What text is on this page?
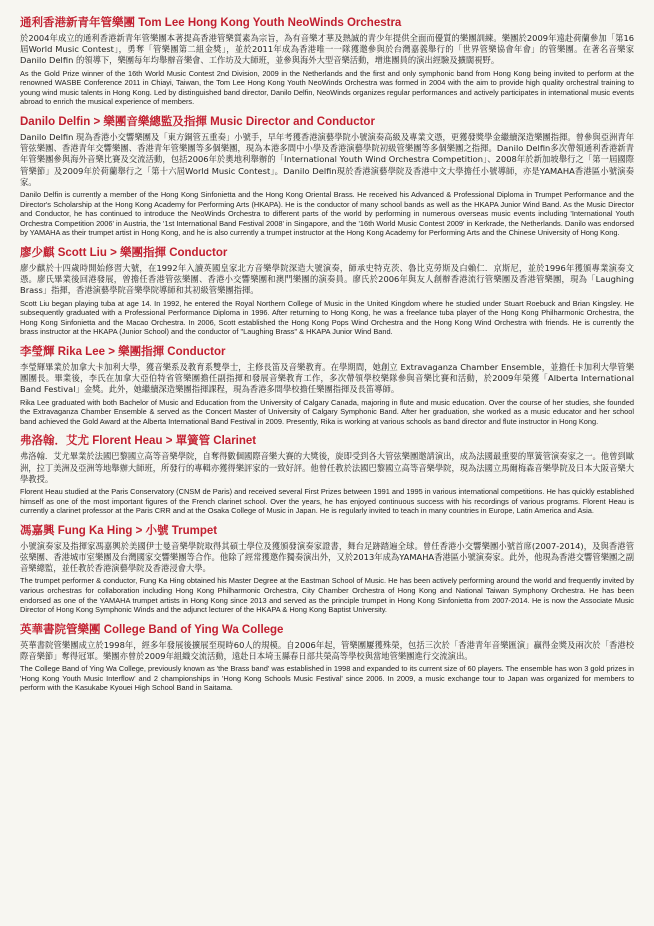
通利香港新青年管樂團 Tom Lee Hong Kong Youth NeoWinds Orchestra

於2004年成立的通利香港新青年管樂團本著提高香港管樂質素為宗旨，為有音樂才華及熱誠的青少年提供全面而優質的樂團訓練。樂團於2009年遠赴荷蘭參加「第16屆World Music Contest」，勇奪「管樂團第二組金獎」，並於2011年成為香港唯一一隊獲邀參與於台灣嘉義舉行的「世界管樂協會年會」的管樂團。在著名音樂家 Danilo Delfin 的領導下，樂團每年均舉辦音樂會、工作坊及大師班，並參與海外大型音樂活動，增進團員的演出經驗及擴闊視野。

As the Gold Prize winner of the 16th World Music Contest 2nd Division, 2009 in the Netherlands and the first and only symphonic band from Hong Kong being invited to perform at the renowned WASBE Conference 2011 in Chiayi, Taiwan, the Tom Lee Hong Kong Youth NeoWinds Orchestra was formed in 2004 with the aim to provide high quality orchestral training to young wind music talents in Hong Kong. Led by distinguished band director, Danilo Delfin, NeoWinds organizes regular performances and actively participates in international music events abroad to enrich the musical experience of members.

Danilo Delfin > 樂團音樂總監及指揮 Music Director and Conductor

Danilo Delfin 現為香港小交響樂團及「東方銅管五重奏」小號手，早年考獲香港演藝學院小號演奏高級及專業文憑，更獲發獎學金繼續深造樂團指揮。曾參與亞洲青年管弦樂團、香港青年交響樂團、香港青年管樂團等多個樂團，現為本港多間中小學及香港演藝學院初級管樂團等多個樂團之指揮。Danilo Delfin多次帶領通利香港新青年管樂團參與海外音樂比賽及交流活動，包括2006年於奧地利舉辦的「International Youth Wind Orchestra Competition」、2008年於新加坡舉行之「第一屆國際管樂節」及2009年於荷蘭舉行之「第十六屆World Music Contest」。Danilo Delfin現於香港演藝學院及香港中文大學擔任小號導師，亦是YAMAHA香港區小號演奏家。

Danilo Delfin is currently a member of the Hong Kong Sinfonietta and the Hong Kong Oriental Brass. He received his Advanced & Professional Diploma in Trumpet Performance and the Director's Scholarship at the Hong Kong Academy for Performing Arts (HKAPA). He is the conductor of many school bands as well as the HKAPA Junior Wind Band. As the Music Director and Conductor, he has continued to introduce the NeoWinds Orchestra to different parts of the world by performing in numerous overseas music events including 'International Youth Orchestra Competition 2006' in Austria, the '1st International Band Festival 2008' in Singapore, and the '16th World Music Contest 2009' in Kerkrade, the Netherlands. Danilo was endorsed by YAMAHA as their trumpet artist in Hong Kong, and he is also currently a trumpet instructor at the Hong Kong Academy for Performing Arts and the Chinese University of Hong Kong.

廖少麒 Scott Liu > 樂團指揮 Conductor

廖少麒於十四歲時開始修習大號，在1992年入讀英國皇家北方音樂學院深造大號演奏，師承史特克茨、魯比克勞斯及白賴仁．京斯尼，並於1996年獲頒專業演奏文憑。廖氏畢業後回港發展，曾擔任香港管弦樂團、香港小交響樂團和澳門樂團的演奏員。廖氏於2006年與友人創辦香港流行管樂團及香港管樂團，現為「Laughing Brass」指揮，香港演藝學院音樂學院導師和其初級管樂團指揮。

Scott Liu began playing tuba at age 14. In 1992, he entered the Royal Northern College of Music in the United Kingdom where he studied under Stuart Roebuck and Brian Kingsley. He subsequently graduated with a Professional Performance Diploma in 1996. After returning to Hong Kong, he was a freelance tuba player of the Hong Kong Philharmonic Orchestra, the Hong Kong Sinfonietta and the Macao Orchestra. In 2006, Scott established the Hong Kong Pops Wind Orchestra and the Hong Kong Wind Orchestra with friends. He is currently the brass instructor at the HKAPA (Junior School) and the conductor of "Laughing Brass" & HKAPA Junior Wind Band.

李瑩輝 Rika Lee > 樂團指揮 Conductor

李瑩輝畢業於加拿大卡加利大學，獲音樂系及教育系雙學士，主修長笛及音樂教育。在學期間，她創立 Extravaganza Chamber Ensemble，並擔任卡加利大學管樂團團長。畢業後，李氏在加拿大亞伯特省管樂團擔任副指揮和發展音樂教育工作，多次帶領學校樂隊參與音樂比賽和活動，於2009年榮獲「Alberta International Band Festival」金獎。此外，她繼續深造樂團指揮課程，現為香港多間學校擔任樂團指揮及長笛導師。

Rika Lee graduated with both Bachelor of Music and Education from the University of Calgary Canada, majoring in flute and music education. Over the course of her studies, she founded the Extravaganza Chamber Ensemble & served as the Concert Master of University of Calgary Symphonic Band. After her graduation, she worked as a music educator and her school band achieved the Gold Award at the Alberta International Band Festival in 2009. Presently, Rika is working at various schools as band director and flute instructor in Hong Kong.

弗洛翰．艾尤 Florent Heau > 單簧管 Clarinet

弗洛翰．艾尤畢業於法國巴黎國立高等音樂學院，自奪得數個國際音樂大賽的大獎後，旋即受到各大管弦樂團邀請演出，成為法國最重要的單簧管演奏家之一。他曾到歐洲，拉丁美洲及亞洲等地舉辦大師班，所發行的專輯亦獲得樂評家的一致好評。他曾任教於法國巴黎國立高等音樂學院，現為法國立馬爾梅森音樂學院及日本大阪音樂大學教授。

Florent Heau studied at the Paris Conservatory (CNSM de Paris) and received several First Prizes between 1991 and 1995 in various international competitions. He has quickly established himself as one of the most important figures of the French clarinet school. Over the years, he has enjoyed continuous success with his recordings of various programs. Florent Heau is currently a clarinet professor at the Paris CRR and at the Osaka College of Music in Japan. He is regularly invited to teach in many countries in Europe, Latin America and Asia.

馮嘉興 Fung Ka Hing > 小號 Trumpet

小號演奏家及指揮家馮嘉興於美國伊士曼音樂學院取得其碩士學位及獲頒發演奏家證書，舞台足跡踏遍全球。曾任香港小交響樂團小號首席(2007-2014)，及與香港管弦樂團、香港城市室樂團及台灣國家交響樂團等合作。他除了經常獲邀作獨奏演出外，又於2013年成為YAMAHA香港區小號演奏家。此外，他現為香港交響管樂團之副音樂總監，並任教於香港演藝學院及香港浸會大學。

The trumpet performer & conductor, Fung Ka Hing obtained his Master Degree at the Eastman School of Music. He has been actively performing around the world and frequently invited by various orchestras for collaboration including Hong Kong Philharmonic Orchestra, City Chamber Orchestra of Hong Kong and National Taiwan Symphony Orchestra. He has been endorsed as one of the YAMAHA trumpet artists in Hong Kong since 2013 and served as the principle trumpet in Hong Kong Sinfonietta from 2007-2014. He is now the Associate Music Director of Hong Kong Symphonic Winds and the adjunct lecturer of the HKAPA & Hong Kong Baptist University.

英華書院管樂團 College Band of Ying Wa College

英華書院管樂團成立於1998年，經多年發展後擴展至現時60人的規模。自2006年起，管樂團屢獲殊榮，包括三次於「香港青年音樂匯演」贏得金獎及兩次於「香港校際音樂節」奪得冠軍。樂團亦曾於2009年組織交流活動，遠赴日本埼玉縣春日部共榮高等學校與當地管樂團進行交流演出。

The College Band of Ying Wa College, previously known as 'the Brass band' was established in 1998 and expanded to its current size of 60 players. The ensemble has won 3 gold prizes in 'Hong Kong Youth Music Interflow' and 2 championships in 'Hong Kong Schools Music Festival' since 2006. In 2009, a music exchange tour to Japan was organized for members to perform with the Kasukabe Kyouei High School Band in Saitama.
